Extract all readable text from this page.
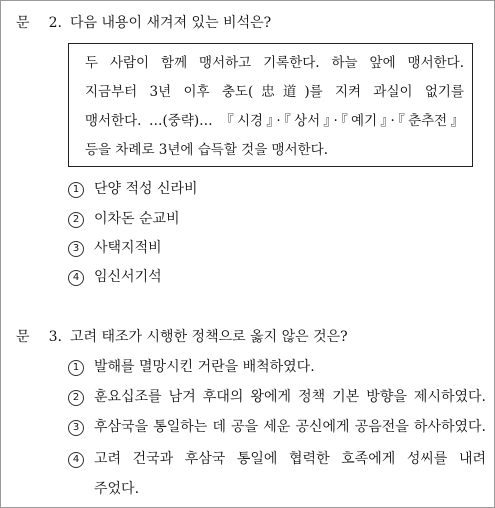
문 2. 다음 내용이 새겨져 있는 비석은?
두 사람이 함께 맹서하고 기록한다. 하늘 앞에 맹서한다.
지금부터 3년 이후 충도(忠道)를 지켜 과실이 없기를
맹서한다. …(중략)… 『시경』·『상서』·『예기』·『춘추전』
등을 차례로 3년에 습득할 것을 맹서한다.
1 단양 적성 신라비
2 이차돈 순교비
3 사택지적비
4 임신서기석
문 3. 고려 태조가 시행한 정책으로 옳지 않은 것은?
1 발해를 멸망시킨 거란을 배척하였다.
2 훈요십조를 남겨 후대의 왕에게 정책 기본 방향을 제시하였다.
3 후삼국을 통일하는 데 공을 세운 공신에게 공음전을 하사하였다.
4 고려 건국과 후삼국 통일에 협력한 호족에게 성씨를 내려
주었다.
